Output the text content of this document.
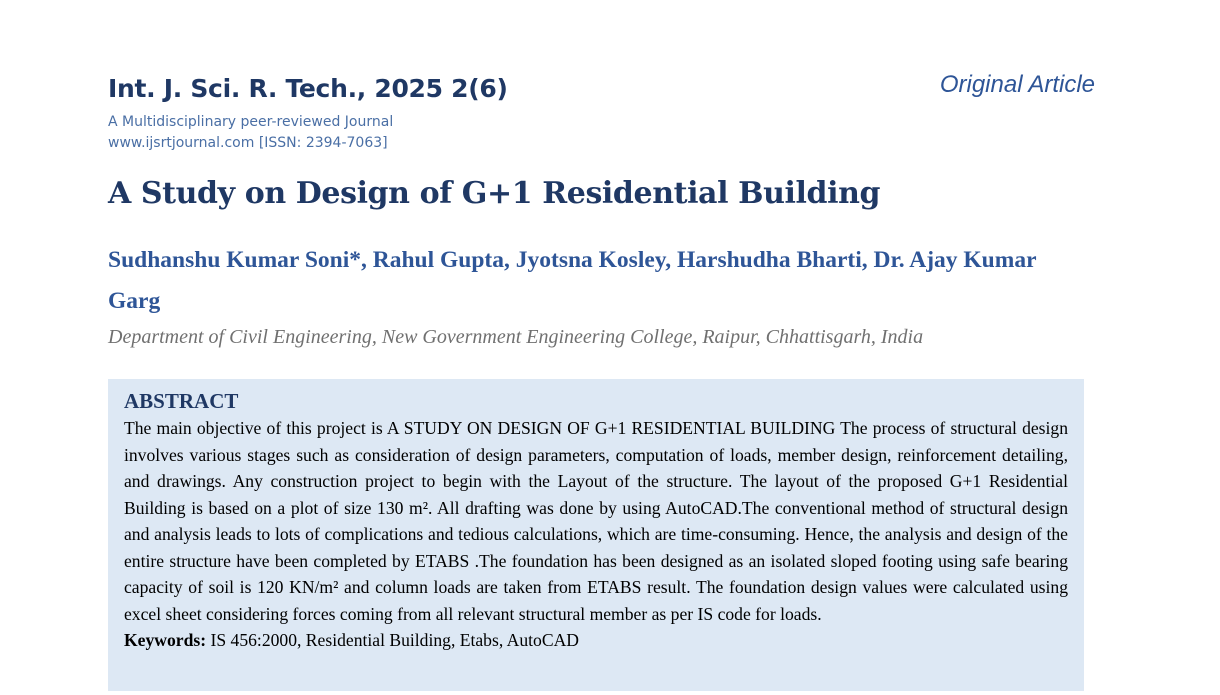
Int. J. Sci. R. Tech., 2025 2(6)	Original Article
A Multidisciplinary peer-reviewed Journal
www.ijsrtjournal.com [ISSN: 2394-7063]
A Study on Design of G+1 Residential Building
Sudhanshu Kumar Soni*, Rahul Gupta, Jyotsna Kosley, Harshudha Bharti, Dr. Ajay Kumar Garg
Department of Civil Engineering, New Government Engineering College, Raipur, Chhattisgarh, India
ABSTRACT

The main objective of this project is A STUDY ON DESIGN OF G+1 RESIDENTIAL BUILDING The process of structural design involves various stages such as consideration of design parameters, computation of loads, member design, reinforcement detailing, and drawings. Any construction project to begin with the Layout of the structure. The layout of the proposed G+1 Residential Building is based on a plot of size 130 m². All drafting was done by using AutoCAD.The conventional method of structural design and analysis leads to lots of complications and tedious calculations, which are time-consuming. Hence, the analysis and design of the entire structure have been completed by ETABS .The foundation has been designed as an isolated sloped footing using safe bearing capacity of soil is 120 KN/m² and column loads are taken from ETABS result. The foundation design values were calculated using excel sheet considering forces coming from all relevant structural member as per IS code for loads.

Keywords: IS 456:2000, Residential Building, Etabs, AutoCAD
